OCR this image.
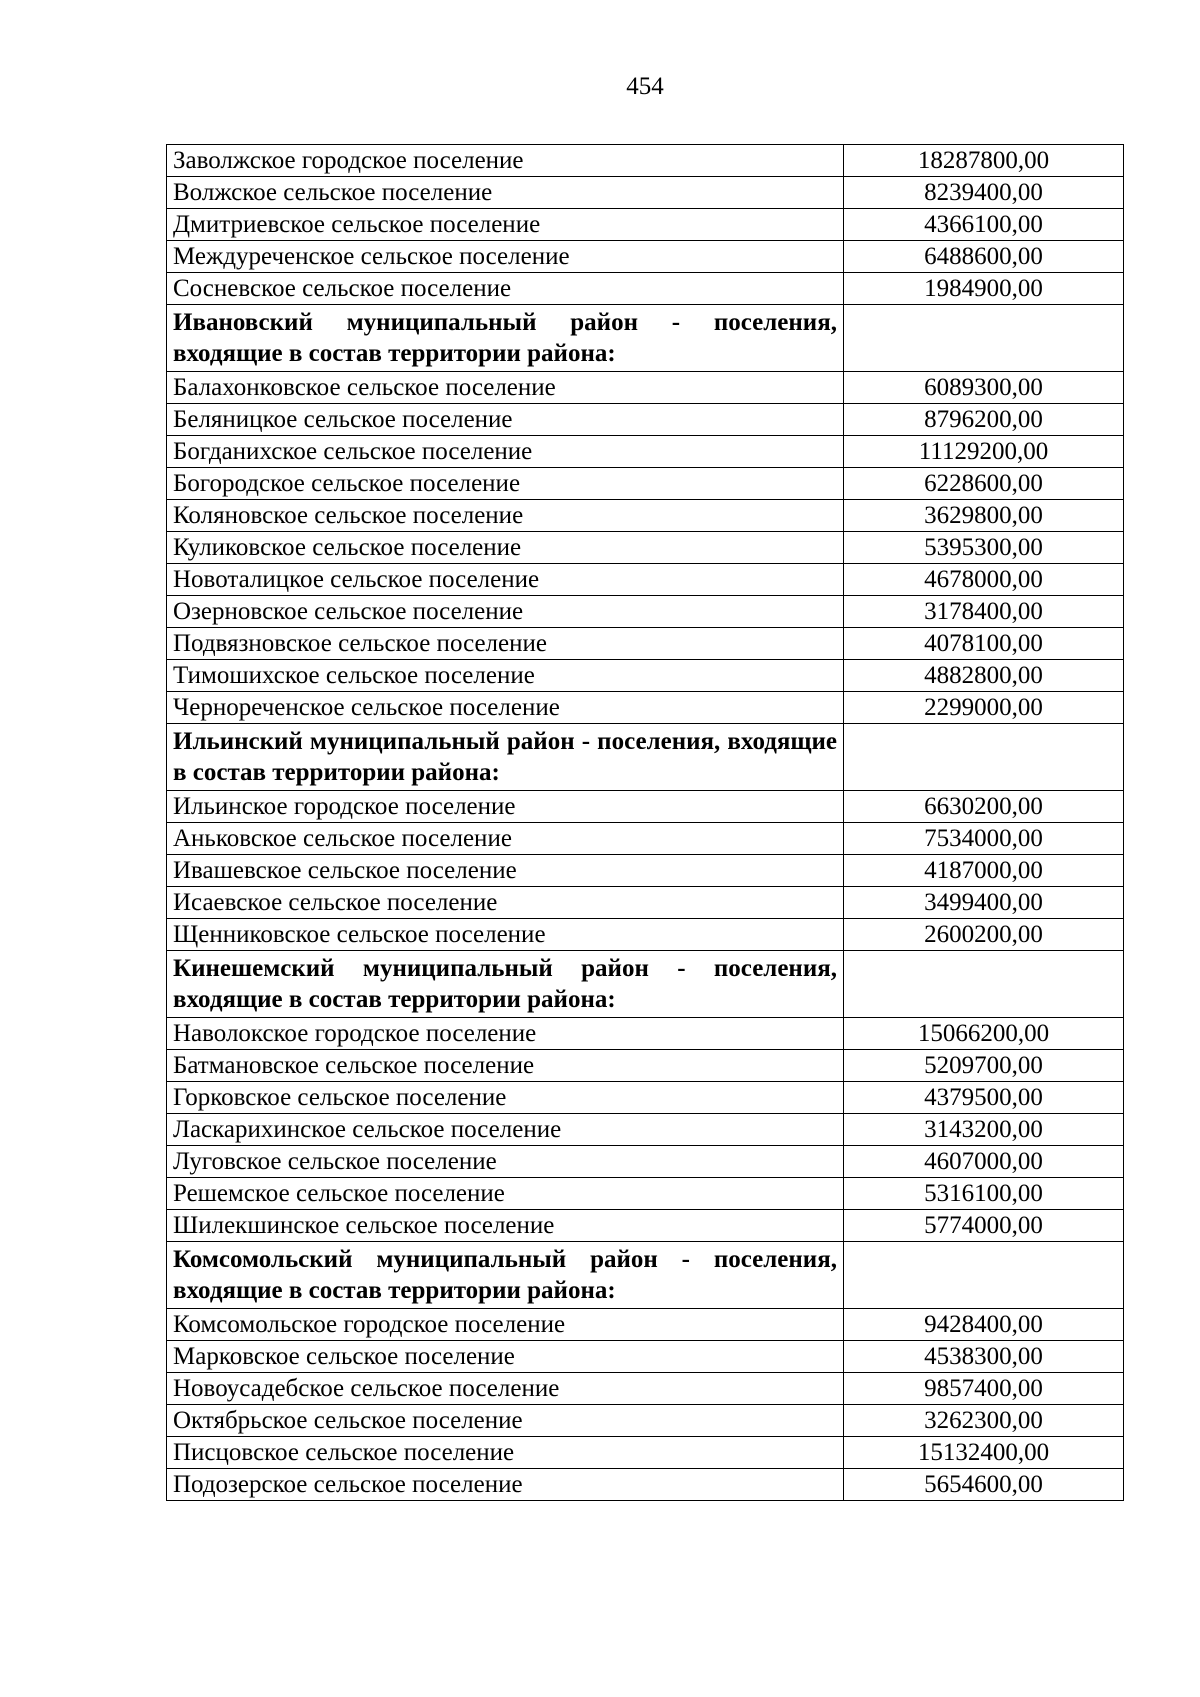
454
Заволжское городское поселение	18287800,00
Волжское сельское поселение	8239400,00
Дмитриевское сельское поселение	4366100,00
Междуреченское сельское поселение	6488600,00
Сосневское сельское поселение	1984900,00
Ивановский муниципальный район - поселения, входящие в состав территории района:	
Балахонковское сельское поселение	6089300,00
Беляницкое сельское поселение	8796200,00
Богданихское сельское поселение	11129200,00
Богородское сельское поселение	6228600,00
Коляновское сельское поселение	3629800,00
Куликовское сельское поселение	5395300,00
Новоталицкое сельское поселение	4678000,00
Озерновское сельское поселение	3178400,00
Подвязновское сельское поселение	4078100,00
Тимошихское сельское поселение	4882800,00
Чернореченское сельское поселение	2299000,00
Ильинский муниципальный район - поселения, входящие в состав территории района:	
Ильинское городское поселение	6630200,00
Аньковское сельское поселение	7534000,00
Ивашевское сельское поселение	4187000,00
Исаевское сельское поселение	3499400,00
Щенниковское сельское поселение	2600200,00
Кинешемский муниципальный район - поселения, входящие в состав территории района:	
Наволокское городское поселение	15066200,00
Батмановское сельское поселение	5209700,00
Горковское сельское поселение	4379500,00
Ласкарихинское сельское поселение	3143200,00
Луговское сельское поселение	4607000,00
Решемское сельское поселение	5316100,00
Шилекшинское сельское поселение	5774000,00
Комсомольский муниципальный район - поселения, входящие в состав территории района:	
Комсомольское городское поселение	9428400,00
Марковское сельское поселение	4538300,00
Новоусадебское сельское поселение	9857400,00
Октябрьское сельское поселение	3262300,00
Писцовское сельское поселение	15132400,00
Подозерское сельское поселение	5654600,00
